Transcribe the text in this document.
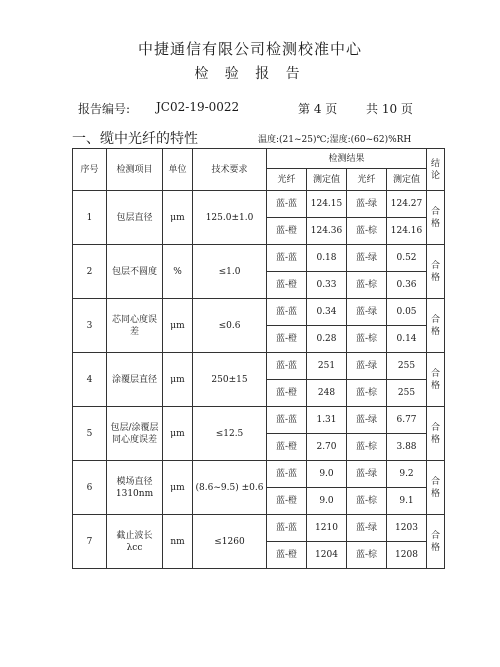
中捷通信有限公司检测校准中心
检 验 报 告
报告编号: JC02-19-0022	第 4 页 共 10 页
一、缆中光纤的特性	温度:(21~25)℃;湿度:(60~62)%RH
序号	检测项目	单位	技术要求	检测结果				结论
				光纤	测定值	光纤	测定值	
1	包层直径	μm	125.0±1.0	蓝-蓝	124.15	蓝-绿	124.27	合格
				蓝-橙	124.36	蓝-棕	124.16	
2	包层不圆度	%	≤1.0	蓝-蓝	0.18	蓝-绿	0.52	合格
				蓝-橙	0.33	蓝-棕	0.36	
3	芯同心度误差	μm	≤0.6	蓝-蓝	0.34	蓝-绿	0.05	合格
				蓝-橙	0.28	蓝-棕	0.14	
4	涂覆层直径	μm	250±15	蓝-蓝	251	蓝-绿	255	合格
				蓝-橙	248	蓝-棕	255	
5	包层/涂覆层同心度误差	μm	≤12.5	蓝-蓝	1.31	蓝-绿	6.77	合格
				蓝-橙	2.70	蓝-棕	3.88	
6	模场直径1310nm	μm	(8.6~9.5) ±0.6	蓝-蓝	9.0	蓝-绿	9.2	合格
				蓝-橙	9.0	蓝-棕	9.1	
7	截止波长λcc	nm	≤1260	蓝-蓝	1210	蓝-绿	1203	合格
				蓝-橙	1204	蓝-棕	1208	
